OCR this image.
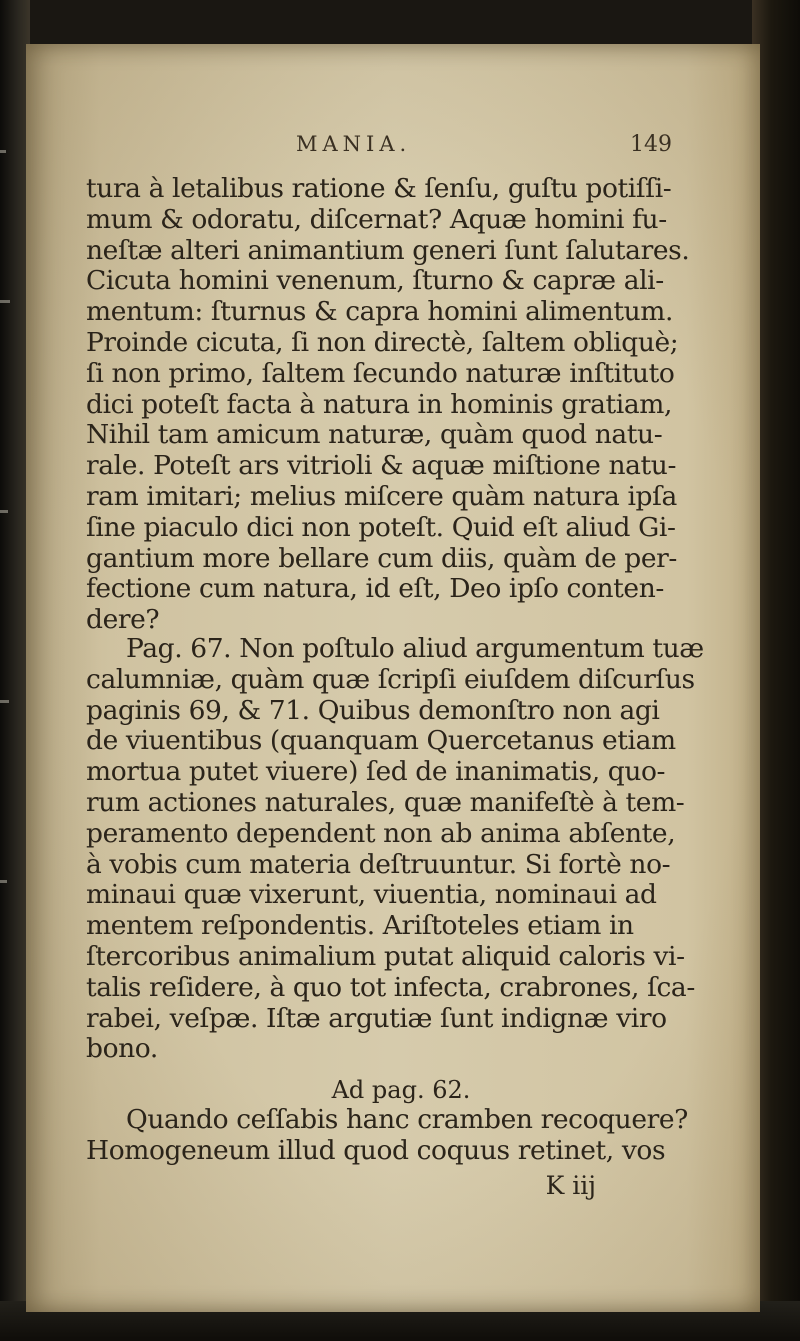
MANIA.	149
tura à letalibus ratione & ſenſu, guſtu potiſſi-
mum & odoratu, diſcernat? Aquæ homini fu-
neſtæ alteri animantium generi ſunt ſalutares.
Cicuta homini venenum, ſturno & capræ ali-
mentum: ſturnus & capra homini alimentum.
Proinde cicuta, ſi non directè, ſaltem obliquè;
ſi non primo, ſaltem ſecundo naturæ inſtituto
dici poteſt facta à natura in hominis gratiam,
Nihil tam amicum naturæ, quàm quod natu-
rale. Poteſt ars vitrioli & aquæ miſtione natu-
ram imitari; melius miſcere quàm natura ipſa
ſine piaculo dici non poteſt. Quid eſt aliud Gi-
gantium more bellare cum diis, quàm de per-
fectione cum natura, id eſt, Deo ipſo conten-
dere?
Pag. 67. Non poſtulo aliud argumentum tuæ
calumniæ, quàm quæ ſcripſi eiuſdem diſcurſus
paginis 69, & 71. Quibus demonſtro non agi
de viuentibus (quanquam Quercetanus etiam
mortua putet viuere) ſed de inanimatis, quo-
rum actiones naturales, quæ manifeſtè à tem-
peramento dependent non ab anima abſente,
à vobis cum materia deſtruuntur. Si fortè no-
minaui quæ vixerunt, viuentia, nominaui ad
mentem reſpondentis. Ariſtoteles etiam in
ſtercoribus animalium putat aliquid caloris vi-
talis reſidere, à quo tot infecta, crabrones, ſca-
rabei, veſpæ. Iſtæ argutiæ ſunt indignæ viro
bono.
Ad pag. 62.
Quando ceſſabis hanc cramben recoquere?
Homogeneum illud quod coquus retinet, vos
K iij
